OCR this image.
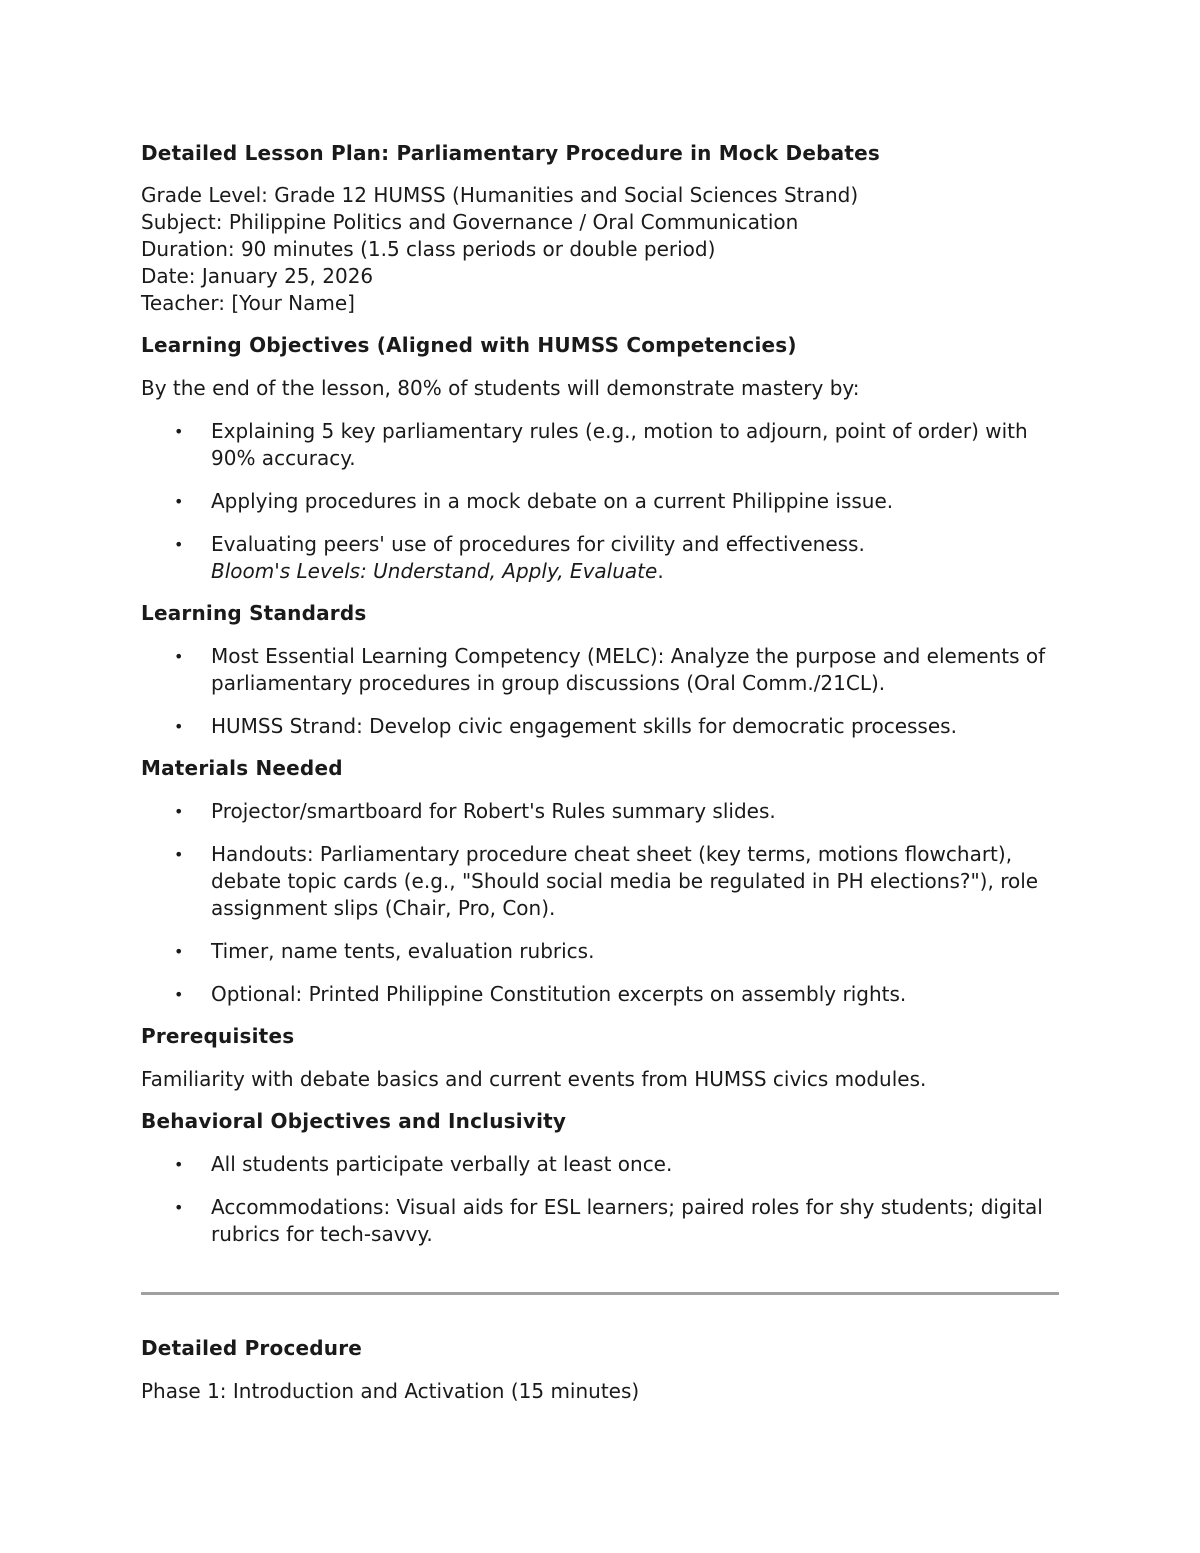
Detailed Lesson Plan: Parliamentary Procedure in Mock Debates

Grade Level: Grade 12 HUMSS (Humanities and Social Sciences Strand)

Subject: Philippine Politics and Governance / Oral Communication

Duration: 90 minutes (1.5 class periods or double period)

Date: January 25, 2026

Teacher: [Your Name]

Learning Objectives (Aligned with HUMSS Competencies)

By the end of the lesson, 80% of students will demonstrate mastery by:

• Explaining 5 key parliamentary rules (e.g., motion to adjourn, point of order) with 90% accuracy.
• Applying procedures in a mock debate on a current Philippine issue.
• Evaluating peers' use of procedures for civility and effectiveness.
Bloom's Levels: Understand, Apply, Evaluate.
Learning Standards
• Most Essential Learning Competency (MELC): Analyze the purpose and elements of parliamentary procedures in group discussions (Oral Comm./21CL).
• HUMSS Strand: Develop civic engagement skills for democratic processes.
Materials Needed
• Projector/smartboard for Robert's Rules summary slides.
• Handouts: Parliamentary procedure cheat sheet (key terms, motions flowchart), debate topic cards (e.g., "Should social media be regulated in PH elections?"), role assignment slips (Chair, Pro, Con).
• Timer, name tents, evaluation rubrics.
• Optional: Printed Philippine Constitution excerpts on assembly rights.
Prerequisites

Familiarity with debate basics and current events from HUMSS civics modules.

Behavioral Objectives and Inclusivity
• All students participate verbally at least once.
• Accommodations: Visual aids for ESL learners; paired roles for shy students; digital rubrics for tech-savvy.
Detailed Procedure

Phase 1: Introduction and Activation (15 minutes)
